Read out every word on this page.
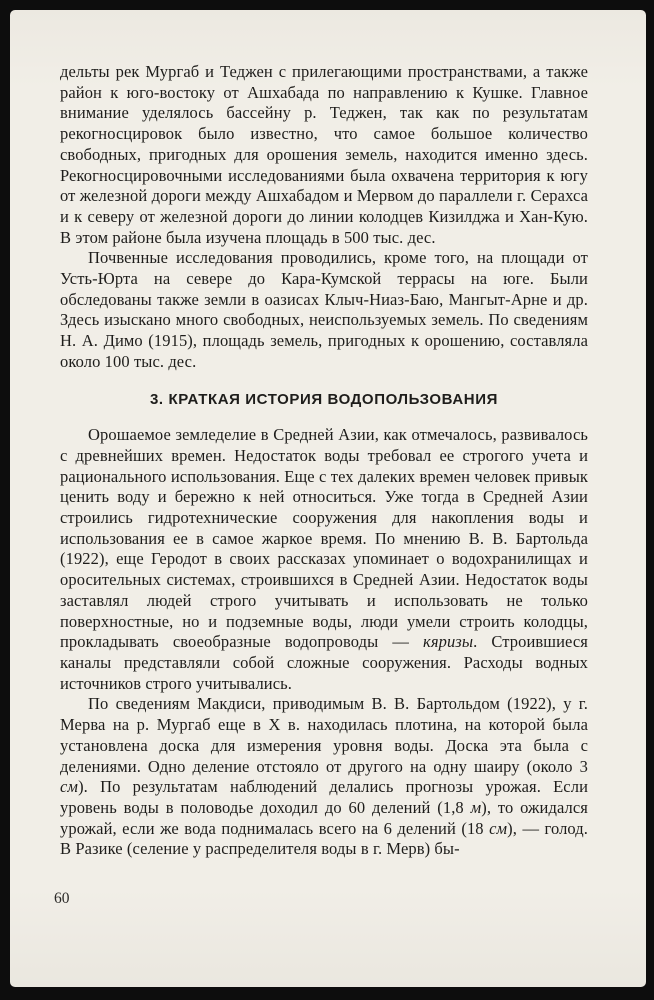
дельты рек Мургаб и Теджен с прилегающими пространствами, а также район к юго-востоку от Ашхабада по направлению к Кушке. Главное внимание уделялось бассейну р. Теджен, так как по результатам рекогносцировок было известно, что самое большое количество свободных, пригодных для орошения земель, находится именно здесь. Рекогносцировочными исследованиями была охвачена территория к югу от железной дороги между Ашхабадом и Мервом до параллели г. Серахса и к северу от железной дороги до линии колодцев Кизилджа и Хан-Кую. В этом районе была изучена площадь в 500 тыс. дес.

Почвенные исследования проводились, кроме того, на площади от Усть-Юрта на севере до Кара-Кумской террасы на юге. Были обследованы также земли в оазисах Клыч-Ниаз-Баю, Мангыт-Арне и др. Здесь изыскано много свободных, неиспользуемых земель. По сведениям Н. А. Димо (1915), площадь земель, пригодных к орошению, составляла около 100 тыс. дес.

3. КРАТКАЯ ИСТОРИЯ ВОДОПОЛЬЗОВАНИЯ

Орошаемое земледелие в Средней Азии, как отмечалось, развивалось с древнейших времен. Недостаток воды требовал ее строгого учета и рационального использования. Еще с тех далеких времен человек привык ценить воду и бережно к ней относиться. Уже тогда в Средней Азии строились гидротехнические сооружения для накопления воды и использования ее в самое жаркое время. По мнению В. В. Бартольда (1922), еще Геродот в своих рассказах упоминает о водохранилищах и оросительных системах, строившихся в Средней Азии. Недостаток воды заставлял людей строго учитывать и использовать не только поверхностные, но и подземные воды, люди умели строить колодцы, прокладывать своеобразные водопроводы — кяризы. Строившиеся каналы представляли собой сложные сооружения. Расходы водных источников строго учитывались.

По сведениям Макдиси, приводимым В. В. Бартольдом (1922), у г. Мерва на р. Мургаб еще в X в. находилась плотина, на которой была установлена доска для измерения уровня воды. Доска эта была с делениями. Одно деление отстояло от другого на одну шаиру (около 3 см). По результатам наблюдений делались прогнозы урожая. Если уровень воды в половодье доходил до 60 делений (1,8 м), то ожидался урожай, если же вода поднималась всего на 6 делений (18 см), — голод. В Разике (селение у распределителя воды в г. Мерв) бы-

60
